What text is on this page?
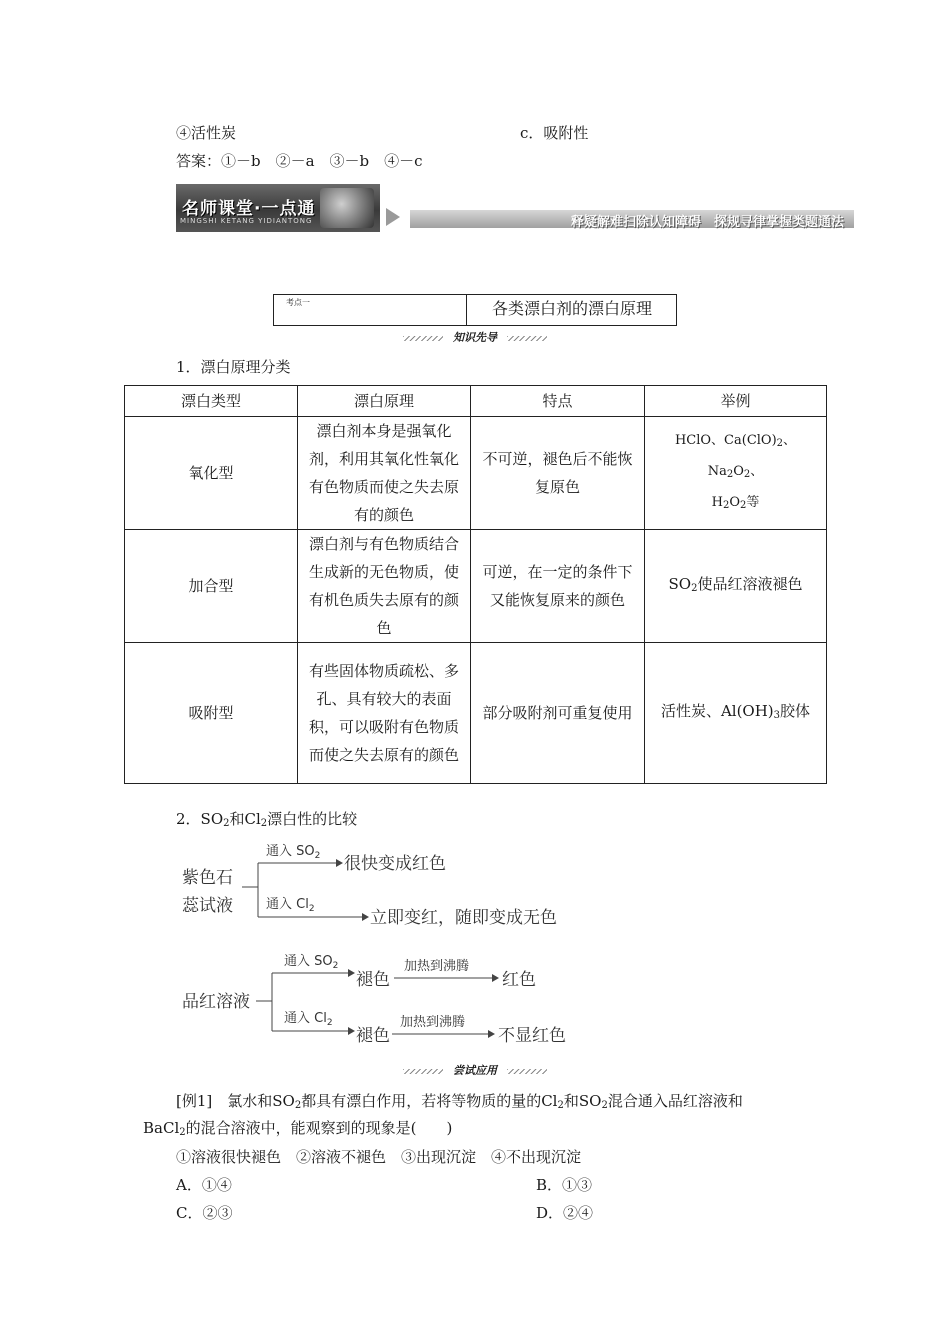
④活性炭	c．吸附性
答案：①－b　②－a　③－b　④－c
名师课堂·一点通
MINGSHI KETANG YIDIANTONG	释疑解难扫除认知障碍　探规寻律掌握类题通法
考点一	各类漂白剂的漂白原理
知识先导
1．漂白原理分类
漂白类型	漂白原理	特点	举例
氧化型	漂白剂本身是强氧化剂，利用其氧化性氧化有色物质而使之失去原有的颜色	不可逆，褪色后不能恢复原色	HClO、$Ca(ClO)_2$、$Na_2O_2$、
$H_2O_2$等
加合型	漂白剂与有色物质结合生成新的无色物质，使有机色质失去原有的颜色	可逆，在一定的条件下又能恢复原来的颜色	$SO_2$使品红溶液褪色
吸附型	有些固体物质疏松、多孔、具有较大的表面积，可以吸附有色物质而使之失去原有的颜色	部分吸附剂可重复使用	活性炭、$Al(OH)_3$胶体
2．$SO_2$和$Cl_2$漂白性的比较
紫色石
蕊试液
通入 $SO_2$ 很快变成红色
通入 $Cl_2$	立即变红，随即变成无色
品红溶液
通入 $SO_2$
褪色
加热到沸腾
红色
通入 $Cl_2$
褪色
加热到沸腾
不显红色
尝试应用
[例1]　氯水和$SO_2$都具有漂白作用，若将等物质的量的$Cl_2$和$SO_2$混合通入品红溶液和
BaCl$_2$的混合溶液中，能观察到的现象是(　　)
①溶液很快褪色　②溶液不褪色　③出现沉淀　④不出现沉淀
A．①④	B．①③
C．②③	D．②④
